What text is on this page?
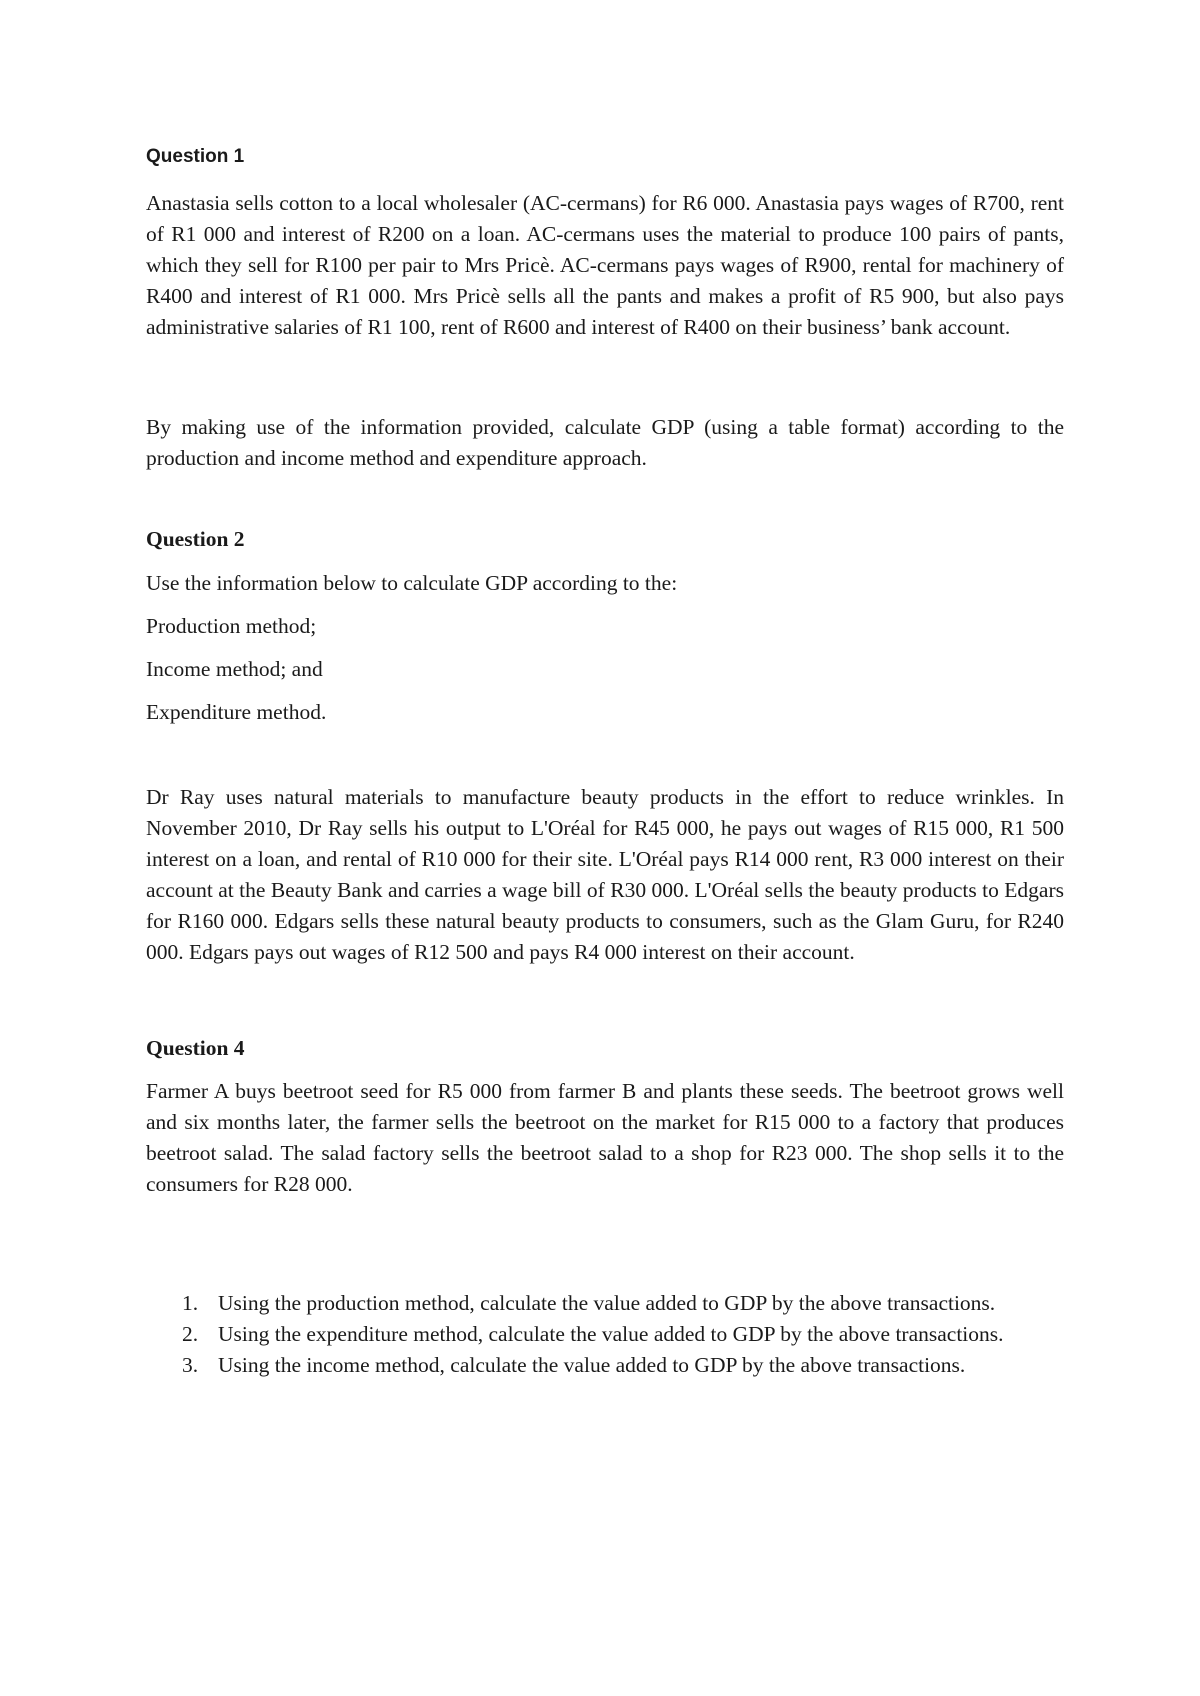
Question 1

Anastasia sells cotton to a local wholesaler (AC-cermans) for R6 000. Anastasia pays wages of R700, rent of R1 000 and interest of R200 on a loan. AC-cermans uses the material to produce 100 pairs of pants, which they sell for R100 per pair to Mrs Pricè. AC-cermans pays wages of R900, rental for machinery of R400 and interest of R1 000. Mrs Pricè sells all the pants and makes a profit of R5 900, but also pays administrative salaries of R1 100, rent of R600 and interest of R400 on their business’ bank account.

By making use of the information provided, calculate GDP (using a table format) according to the production and income method and expenditure approach.

Question 2

Use the information below to calculate GDP according to the:

Production method;

Income method; and

Expenditure method.

Dr Ray uses natural materials to manufacture beauty products in the effort to reduce wrinkles. In November 2010, Dr Ray sells his output to L'Oréal for R45 000, he pays out wages of R15 000, R1 500 interest on a loan, and rental of R10 000 for their site. L'Oréal pays R14 000 rent, R3 000 interest on their account at the Beauty Bank and carries a wage bill of R30 000. L'Oréal sells the beauty products to Edgars for R160 000. Edgars sells these natural beauty products to consumers, such as the Glam Guru, for R240 000. Edgars pays out wages of R12 500 and pays R4 000 interest on their account.

Question 4

Farmer A buys beetroot seed for R5 000 from farmer B and plants these seeds. The beetroot grows well and six months later, the farmer sells the beetroot on the market for R15 000 to a factory that produces beetroot salad. The salad factory sells the beetroot salad to a shop for R23 000. The shop sells it to the consumers for R28 000.

1. Using the production method, calculate the value added to GDP by the above transactions.
2. Using the expenditure method, calculate the value added to GDP by the above transactions.
3. Using the income method, calculate the value added to GDP by the above transactions.
